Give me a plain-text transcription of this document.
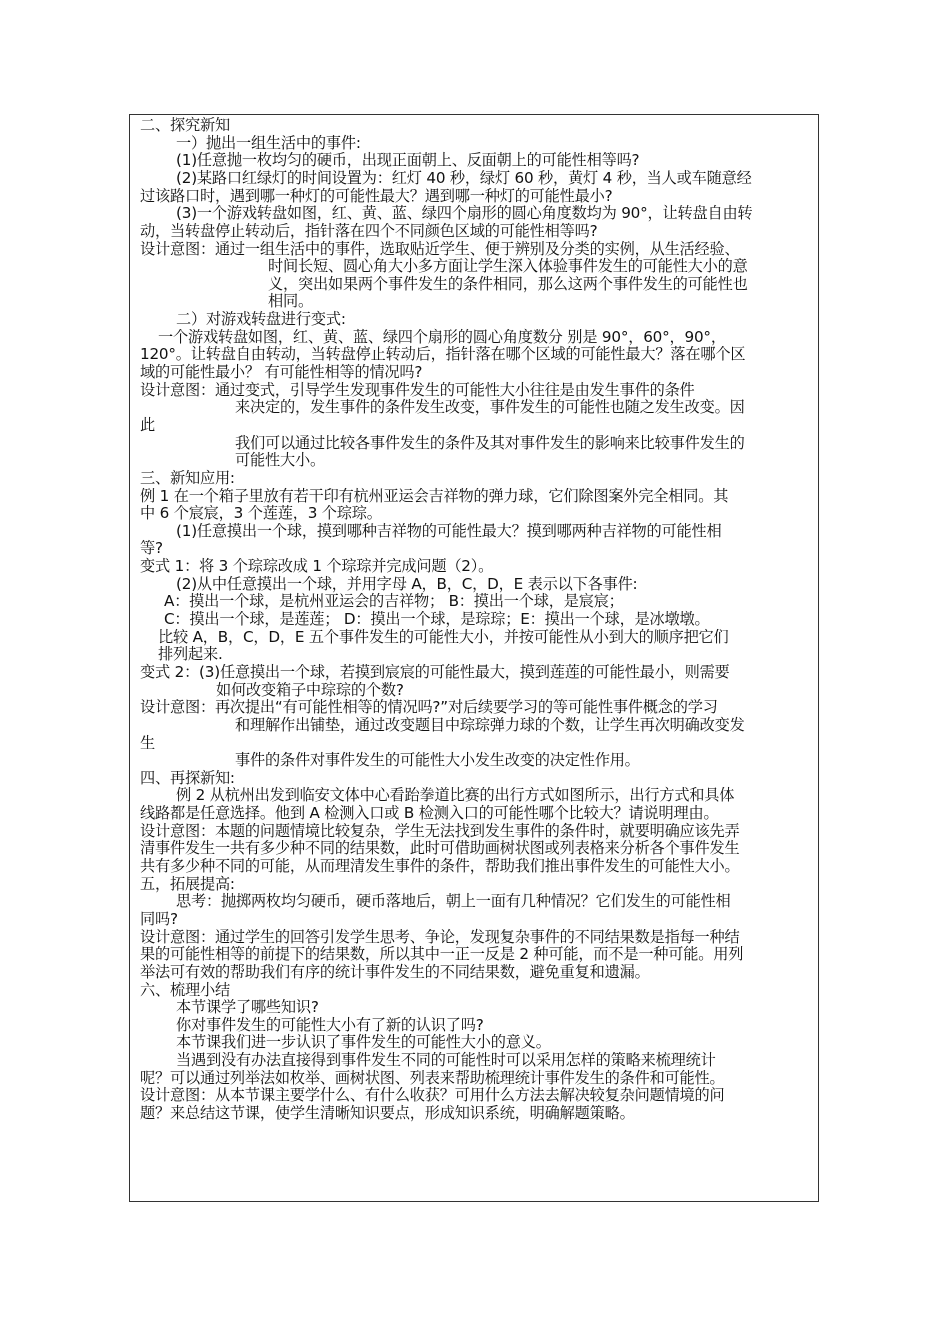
二、探究新知
一）抛出一组生活中的事件:
(1)任意抛一枚均匀的硬币，出现正面朝上、反面朝上的可能性相等吗?
(2)某路口红绿灯的时间设置为：红灯 40 秒，绿灯 60 秒，黄灯 4 秒，当人或车随意经
过该路口时，遇到哪一种灯的可能性最大？遇到哪一种灯的可能性最小?
(3)一个游戏转盘如图，红、黄、蓝、绿四个扇形的圆心角度数均为 90°，让转盘自由转
动，当转盘停止转动后，指针落在四个不同颜色区域的可能性相等吗?
设计意图：通过一组生活中的事件，选取贴近学生、便于辨别及分类的实例，从生活经验、
时间长短、圆心角大小多方面让学生深入体验事件发生的可能性大小的意
义，突出如果两个事件发生的条件相同，那么这两个事件发生的可能性也
相同。
二）对游戏转盘进行变式:
一个游戏转盘如图，红、黄、蓝、绿四个扇形的圆心角度数分 别是 90°，60°，90°，
120°。让转盘自由转动，当转盘停止转动后，指针落在哪个区域的可能性最大？落在哪个区
域的可能性最小？ 有可能性相等的情况吗?
设计意图：通过变式，引导学生发现事件发生的可能性大小往往是由发生事件的条件
来决定的，发生事件的条件发生改变，事件发生的可能性也随之发生改变。因
此
我们可以通过比较各事件发生的条件及其对事件发生的影响来比较事件发生的
可能性大小。
三、新知应用:
例 1 在一个箱子里放有若干印有杭州亚运会吉祥物的弹力球，它们除图案外完全相同。其
中 6 个宸宸，3 个莲莲，3 个琮琮。
(1)任意摸出一个球，摸到哪种吉祥物的可能性最大？摸到哪两种吉祥物的可能性相
等?
变式 1：将 3 个琮琮改成 1 个琮琮并完成问题（2）。
(2)从中任意摸出一个球，并用字母 A，B，C，D，E 表示以下各事件:
A：摸出一个球，是杭州亚运会的吉祥物； B：摸出一个球，是宸宸；
C：摸出一个球，是莲莲； D：摸出一个球，是琮琮；E：摸出一个球，是冰墩墩。
比较 A，B，C，D，E 五个事件发生的可能性大小，并按可能性从小到大的顺序把它们
排列起来.
变式 2：(3)任意摸出一个球，若摸到宸宸的可能性最大，摸到莲莲的可能性最小，则需要
如何改变箱子中琮琮的个数?
设计意图：再次提出“有可能性相等的情况吗?”对后续要学习的等可能性事件概念的学习
和理解作出铺垫，通过改变题目中琮琮弹力球的个数，让学生再次明确改变发
生
事件的条件对事件发生的可能性大小发生改变的决定性作用。
四、再探新知:
例 2 从杭州出发到临安文体中心看跆拳道比赛的出行方式如图所示，出行方式和具体
线路都是任意选择。他到 A 检测入口或 B 检测入口的可能性哪个比较大？请说明理由。
设计意图：本题的问题情境比较复杂，学生无法找到发生事件的条件时，就要明确应该先弄
清事件发生一共有多少种不同的结果数，此时可借助画树状图或列表格来分析各个事件发生
共有多少种不同的可能，从而理清发生事件的条件，帮助我们推出事件发生的可能性大小。
五，拓展提高:
思考：抛掷两枚均匀硬币，硬币落地后，朝上一面有几种情况？它们发生的可能性相
同吗?
设计意图：通过学生的回答引发学生思考、争论，发现复杂事件的不同结果数是指每一种结
果的可能性相等的前提下的结果数，所以其中一正一反是 2 种可能，而不是一种可能。用列
举法可有效的帮助我们有序的统计事件发生的不同结果数，避免重复和遗漏。
六、梳理小结
本节课学了哪些知识?
你对事件发生的可能性大小有了新的认识了吗?
本节课我们进一步认识了事件发生的可能性大小的意义。
当遇到没有办法直接得到事件发生不同的可能性时可以采用怎样的策略来梳理统计
呢？可以通过列举法如枚举、画树状图、列表来帮助梳理统计事件发生的条件和可能性。
设计意图：从本节课主要学什么、有什么收获？可用什么方法去解决较复杂问题情境的问
题？来总结这节课，使学生清晰知识要点，形成知识系统，明确解题策略。
